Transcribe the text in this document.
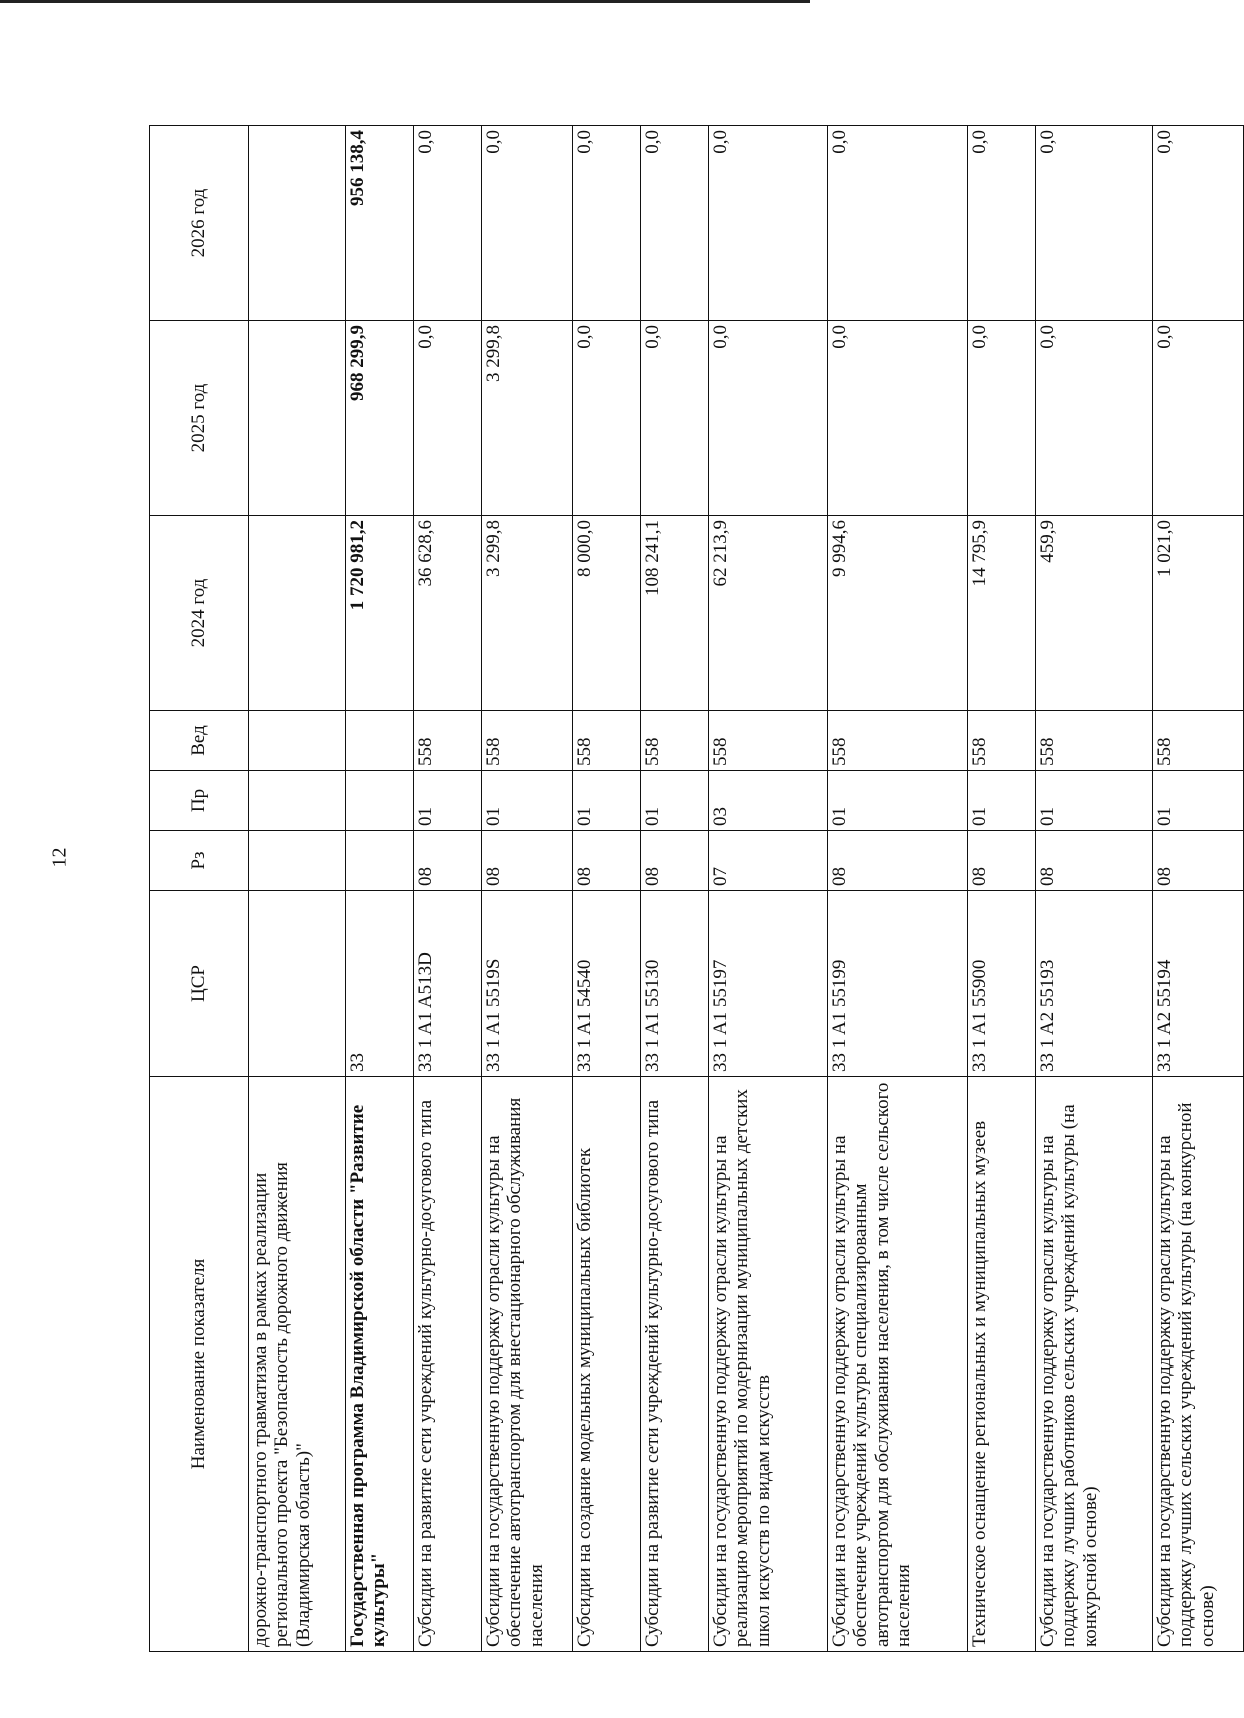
12
Наименование показателя	ЦСР	Рз	Пр	Вед	2024 год	2025 год	2026 год
дорожно-транспортного травматизма в рамках реализации регионального проекта "Безопасность дорожного движения (Владимирская область)"							
Государственная программа Владимирской области "Развитие культуры"	33				1 720 981,2	968 299,9	956 138,4
Субсидии на развитие сети учреждений культурно-досугового типа	33 1 A1 A513D	08	01	558	36 628,6	0,0	0,0
Субсидии на государственную поддержку отрасли культуры на обеспечение автотранспортом для внестационарного обслуживания населения	33 1 A1 5519S	08	01	558	3 299,8	3 299,8	0,0
Субсидии на создание модельных муниципальных библиотек	33 1 A1 54540	08	01	558	8 000,0	0,0	0,0
Субсидии на развитие сети учреждений культурно-досугового типа	33 1 A1 55130	08	01	558	108 241,1	0,0	0,0
Субсидии на государственную поддержку отрасли культуры на реализацию мероприятий по модернизации муниципальных детских школ искусств по видам искусств	33 1 A1 55197	07	03	558	62 213,9	0,0	0,0
Субсидии на государственную поддержку отрасли культуры на обеспечение учреждений культуры специализированным автотранспортом для обслуживания населения, в том числе сельского населения	33 1 A1 55199	08	01	558	9 994,6	0,0	0,0
Техническое оснащение региональных и муниципальных музеев	33 1 A1 55900	08	01	558	14 795,9	0,0	0,0
Субсидии на государственную поддержку отрасли культуры на поддержку лучших работников сельских учреждений культуры (на конкурсной основе)	33 1 A2 55193	08	01	558	459,9	0,0	0,0
Субсидии на государственную поддержку отрасли культуры на поддержку лучших сельских учреждений культуры (на конкурсной основе)	33 1 A2 55194	08	01	558	1 021,0	0,0	0,0
